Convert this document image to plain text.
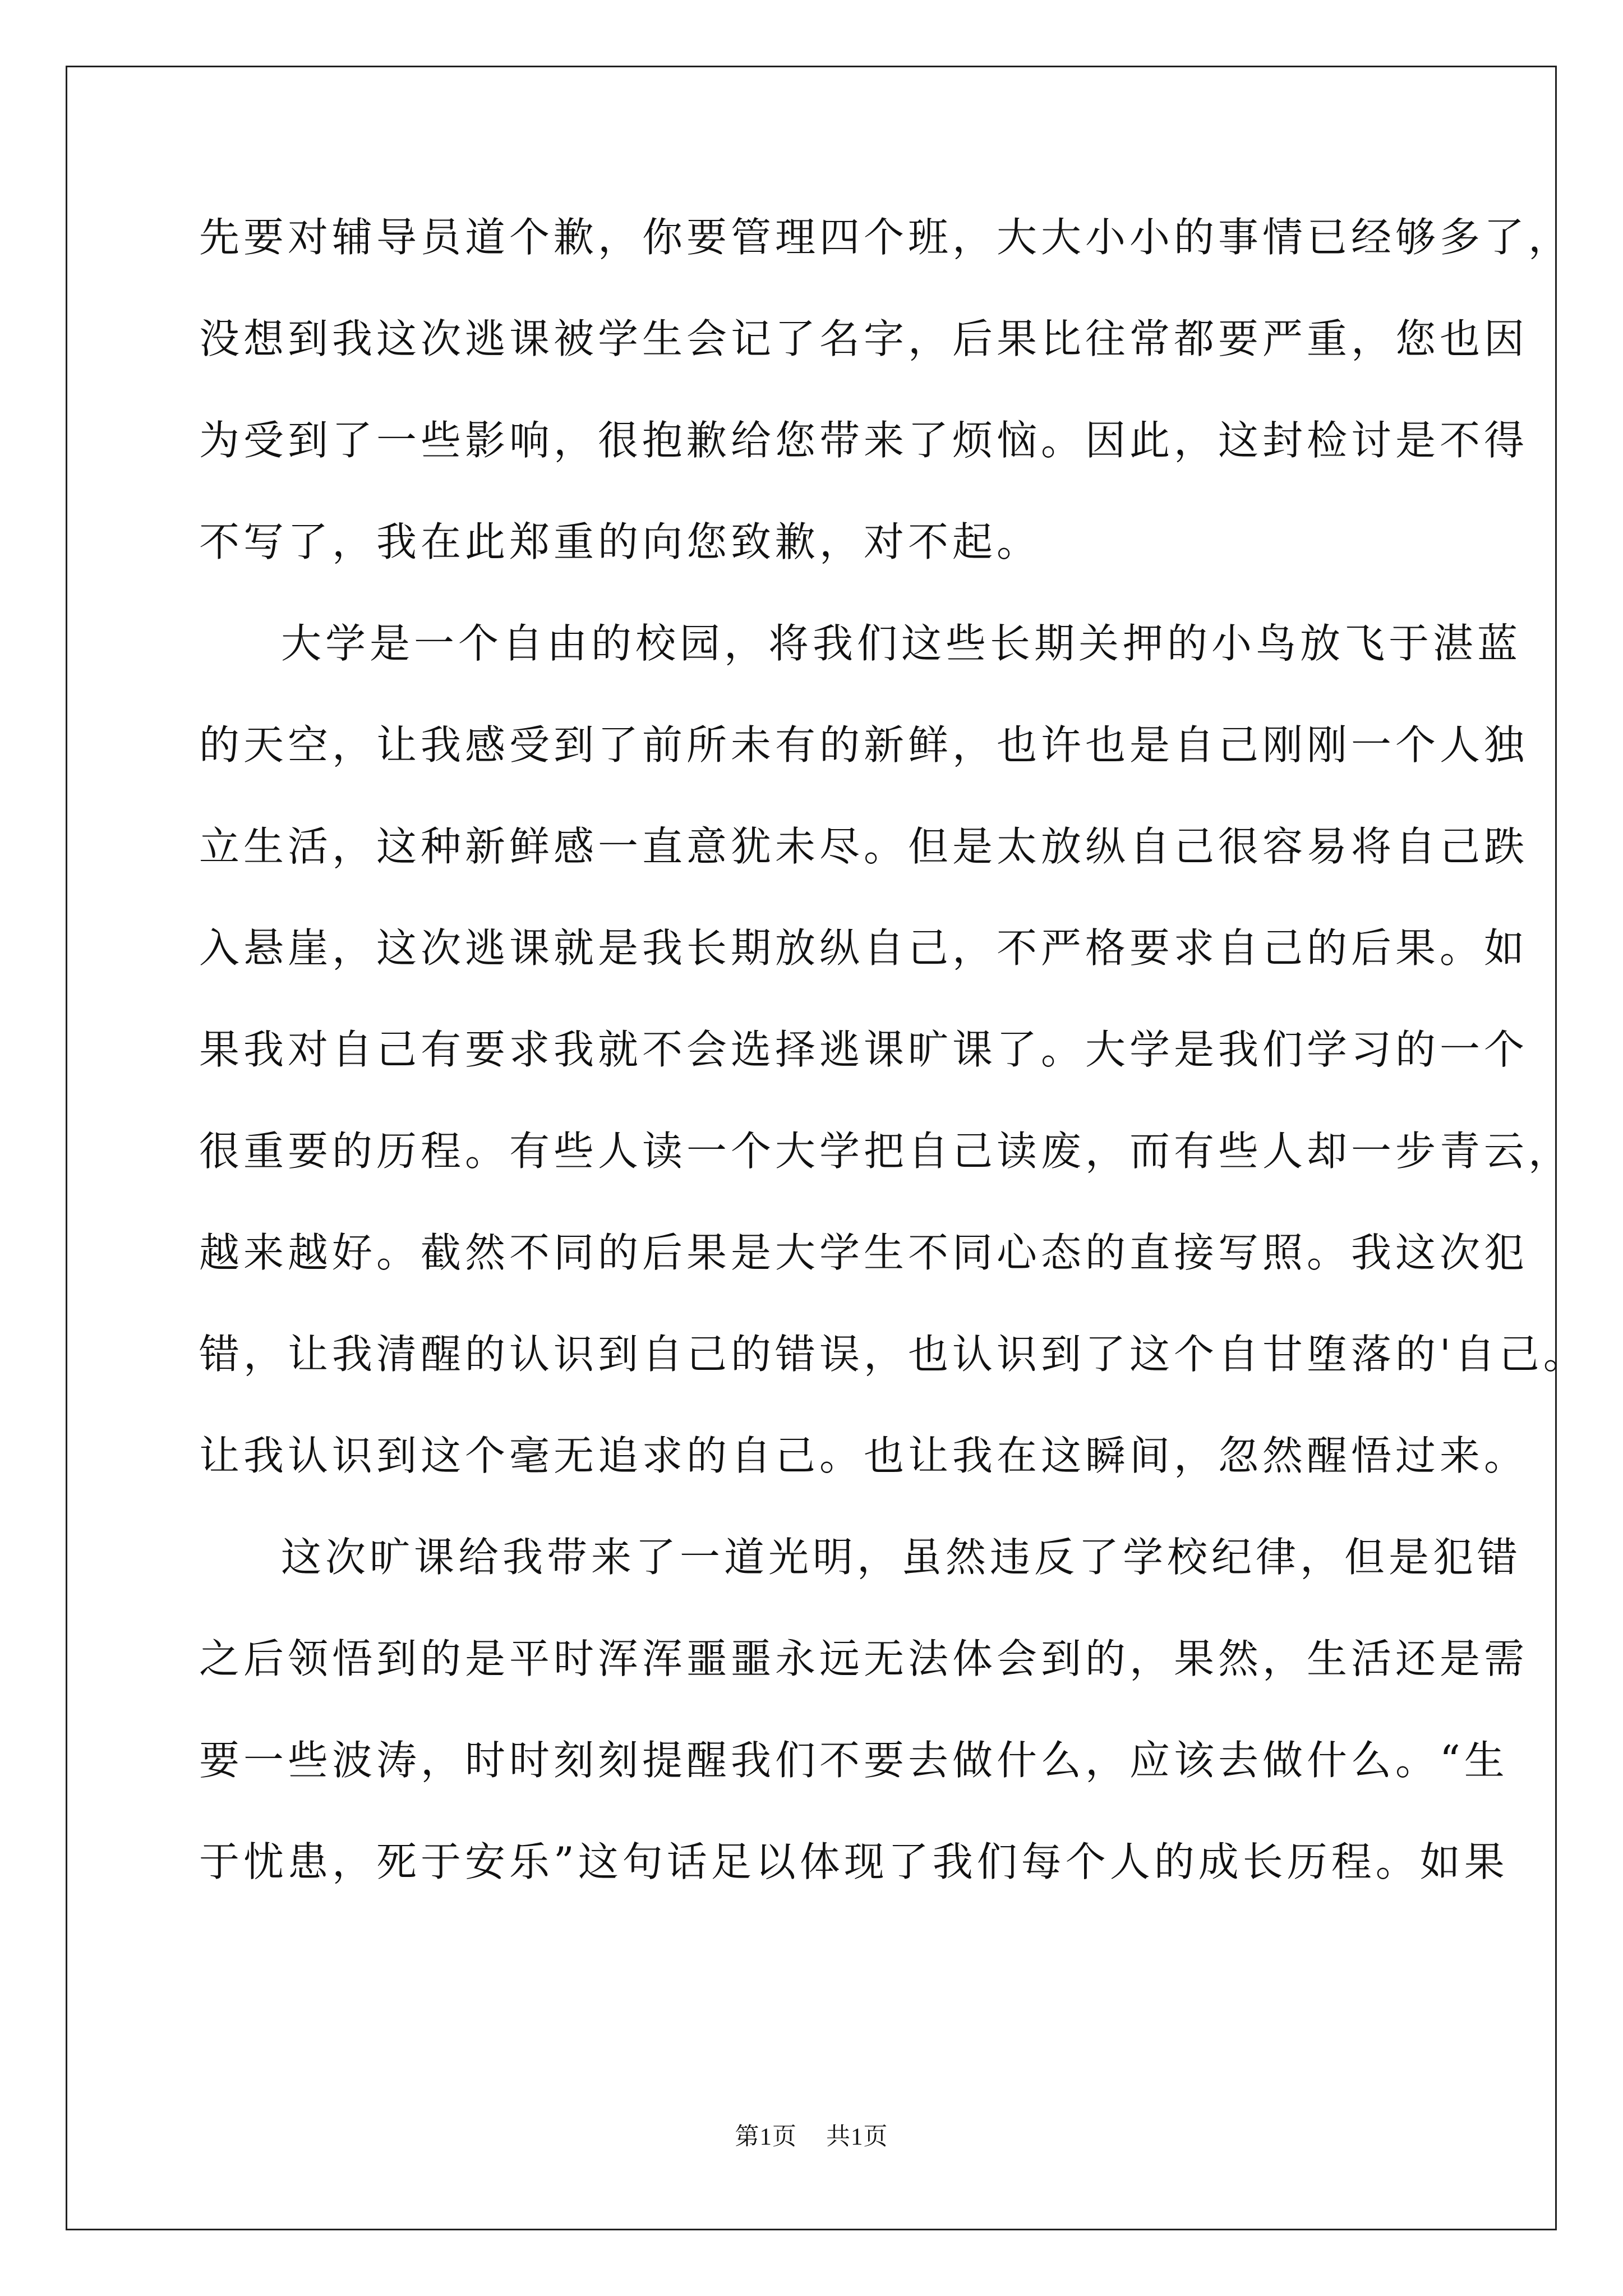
先要对辅导员道个歉，你要管理四个班，大大小小的事情已经够多了，
没想到我这次逃课被学生会记了名字，后果比往常都要严重，您也因
为受到了一些影响，很抱歉给您带来了烦恼。因此，这封检讨是不得
不写了，我在此郑重的向您致歉，对不起。
大学是一个自由的校园，将我们这些长期关押的小鸟放飞于湛蓝
的天空，让我感受到了前所未有的新鲜，也许也是自己刚刚一个人独
立生活，这种新鲜感一直意犹未尽。但是太放纵自己很容易将自己跌
入悬崖，这次逃课就是我长期放纵自己，不严格要求自己的后果。如
果我对自己有要求我就不会选择逃课旷课了。大学是我们学习的一个
很重要的历程。有些人读一个大学把自己读废，而有些人却一步青云，
越来越好。截然不同的后果是大学生不同心态的直接写照。我这次犯
错，让我清醒的认识到自己的错误，也认识到了这个自甘堕落的'自己。
让我认识到这个毫无追求的自己。也让我在这瞬间，忽然醒悟过来。
这次旷课给我带来了一道光明，虽然违反了学校纪律，但是犯错
之后领悟到的是平时浑浑噩噩永远无法体会到的，果然，生活还是需
要一些波涛，时时刻刻提醒我们不要去做什么，应该去做什么。“生
于忧患，死于安乐”这句话足以体现了我们每个人的成长历程。如果
第1页 共1页
